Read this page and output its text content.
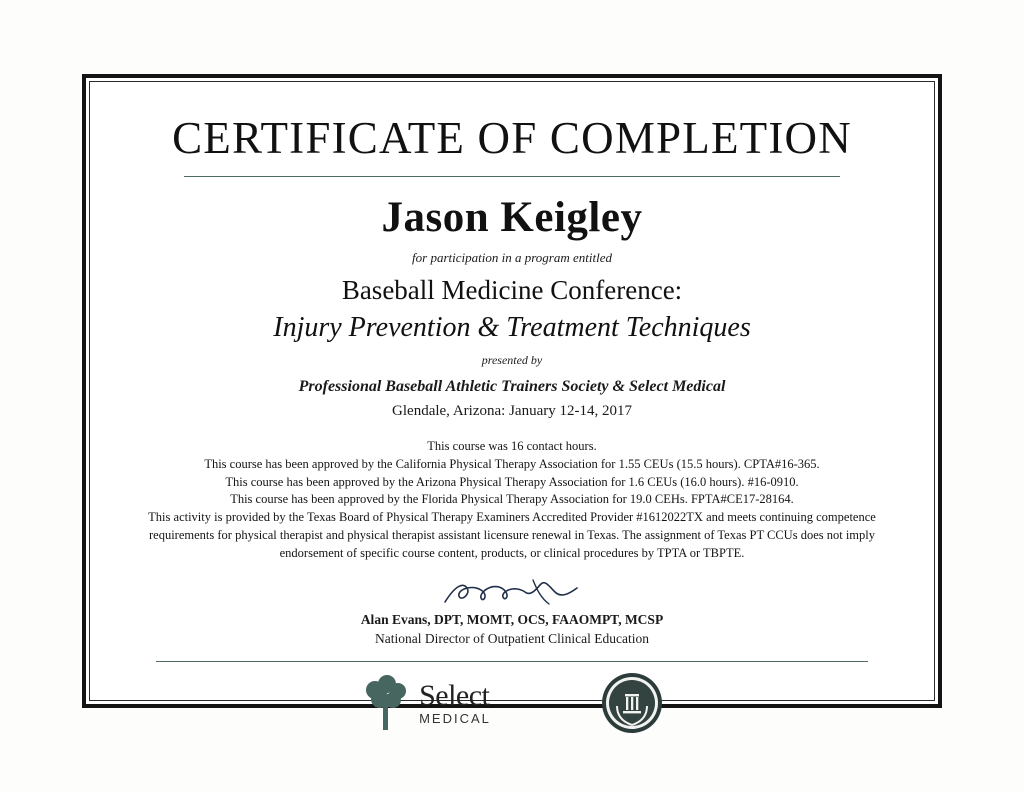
CERTIFICATE OF COMPLETION
Jason Keigley
for participation in a program entitled
Baseball Medicine Conference:
Injury Prevention & Treatment Techniques
presented by
Professional Baseball Athletic Trainers Society & Select Medical
Glendale, Arizona: January 12-14, 2017
This course was 16 contact hours.
This course has been approved by the California Physical Therapy Association for 1.55 CEUs (15.5 hours). CPTA#16-365.
This course has been approved by the Arizona Physical Therapy Association for 1.6 CEUs (16.0 hours). #16-0910.
This course has been approved by the Florida Physical Therapy Association for 19.0 CEHs. FPTA#CE17-28164.
This activity is provided by the Texas Board of Physical Therapy Examiners Accredited Provider #1612022TX and meets continuing competence requirements for physical therapist and physical therapist assistant licensure renewal in Texas. The assignment of Texas PT CCUs does not imply endorsement of specific course content, products, or clinical procedures by TPTA or TBPTE.
Alan Evans, DPT, MOMT, OCS, FAAOMPT, MCSP
National Director of Outpatient Clinical Education
Select
MEDICAL
